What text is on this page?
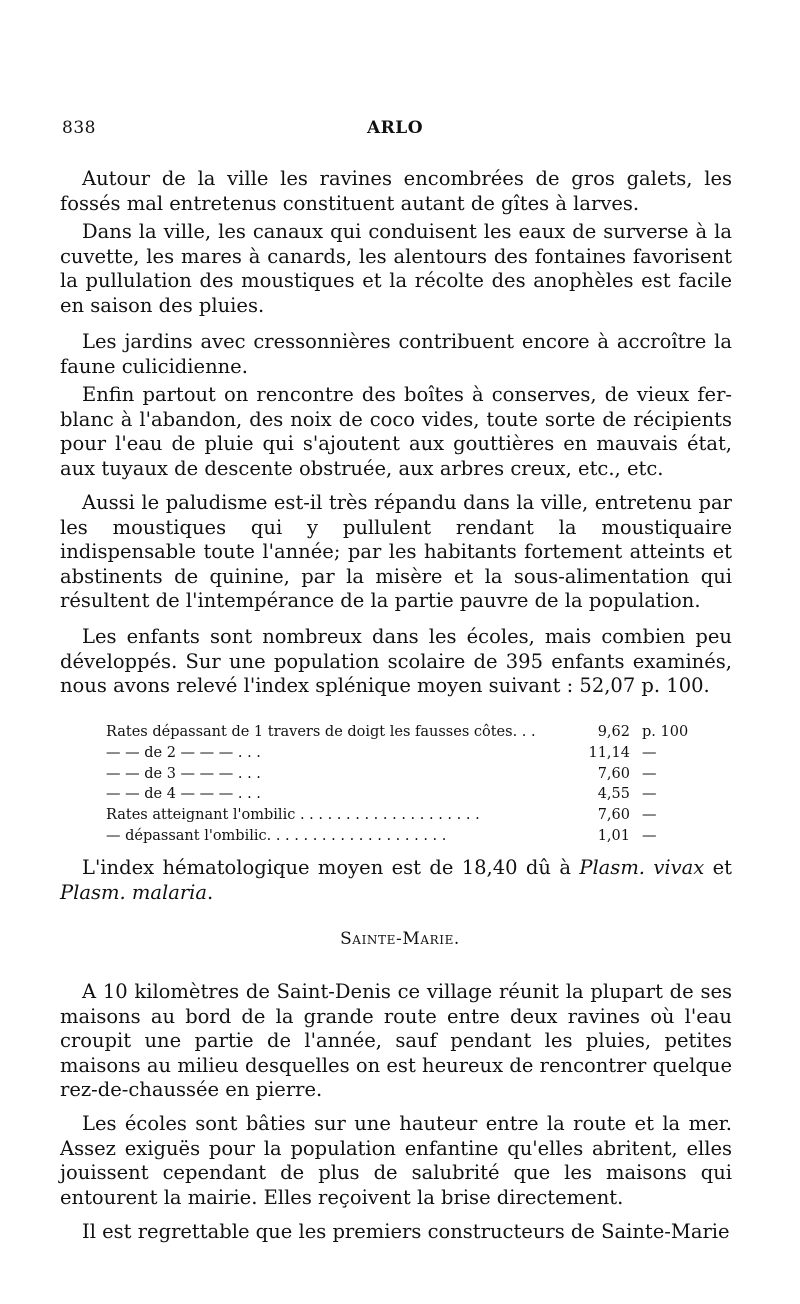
838	ARLO

Autour de la ville les ravines encombrées de gros galets, les fossés mal entretenus constituent autant de gîtes à larves.

Dans la ville, les canaux qui conduisent les eaux de surverse à la cuvette, les mares à canards, les alentours des fontaines favorisent la pullulation des moustiques et la récolte des anophèles est facile en saison des pluies.

Les jardins avec cressonnières contribuent encore à accroître la faune culicidienne.

Enfin partout on rencontre des boîtes à conserves, de vieux fer-blanc à l'abandon, des noix de coco vides, toute sorte de récipients pour l'eau de pluie qui s'ajoutent aux gouttières en mauvais état, aux tuyaux de descente obstruée, aux arbres creux, etc., etc.

Aussi le paludisme est-il très répandu dans la ville, entretenu par les moustiques qui y pullulent rendant la moustiquaire indispensable toute l'année; par les habitants fortement atteints et abstinents de quinine, par la misère et la sous-alimentation qui résultent de l'intempérance de la partie pauvre de la population.

Les enfants sont nombreux dans les écoles, mais combien peu développés. Sur une population scolaire de 395 enfants examinés, nous avons relevé l'index splénique moyen suivant : 52,07 p. 100.

Rates dépassant de 1 travers de doigt les fausses côtes. . .	9,62 p. 100
— — de 2 — — — . . .	11,14 —
— — de 3 — — — . . .	7,60 —
— — de 4 — — — . . .	4,55 —
Rates atteignant l'ombilic . . . . . . . . . . . . . . . . . . . .	7,60 —
— dépassant l'ombilic. . . . . . . . . . . . . . . . . . . .	1,01 —

L'index hématologique moyen est de 18,40 dû à Plasm. vivax et Plasm. malaria.

Sainte-Marie.

A 10 kilomètres de Saint-Denis ce village réunit la plupart de ses maisons au bord de la grande route entre deux ravines où l'eau croupit une partie de l'année, sauf pendant les pluies, petites maisons au milieu desquelles on est heureux de rencontrer quelque rez-de-chaussée en pierre.

Les écoles sont bâties sur une hauteur entre la route et la mer. Assez exiguës pour la population enfantine qu'elles abritent, elles jouissent cependant de plus de salubrité que les maisons qui entourent la mairie. Elles reçoivent la brise directement.

Il est regrettable que les premiers constructeurs de Sainte-Marie
